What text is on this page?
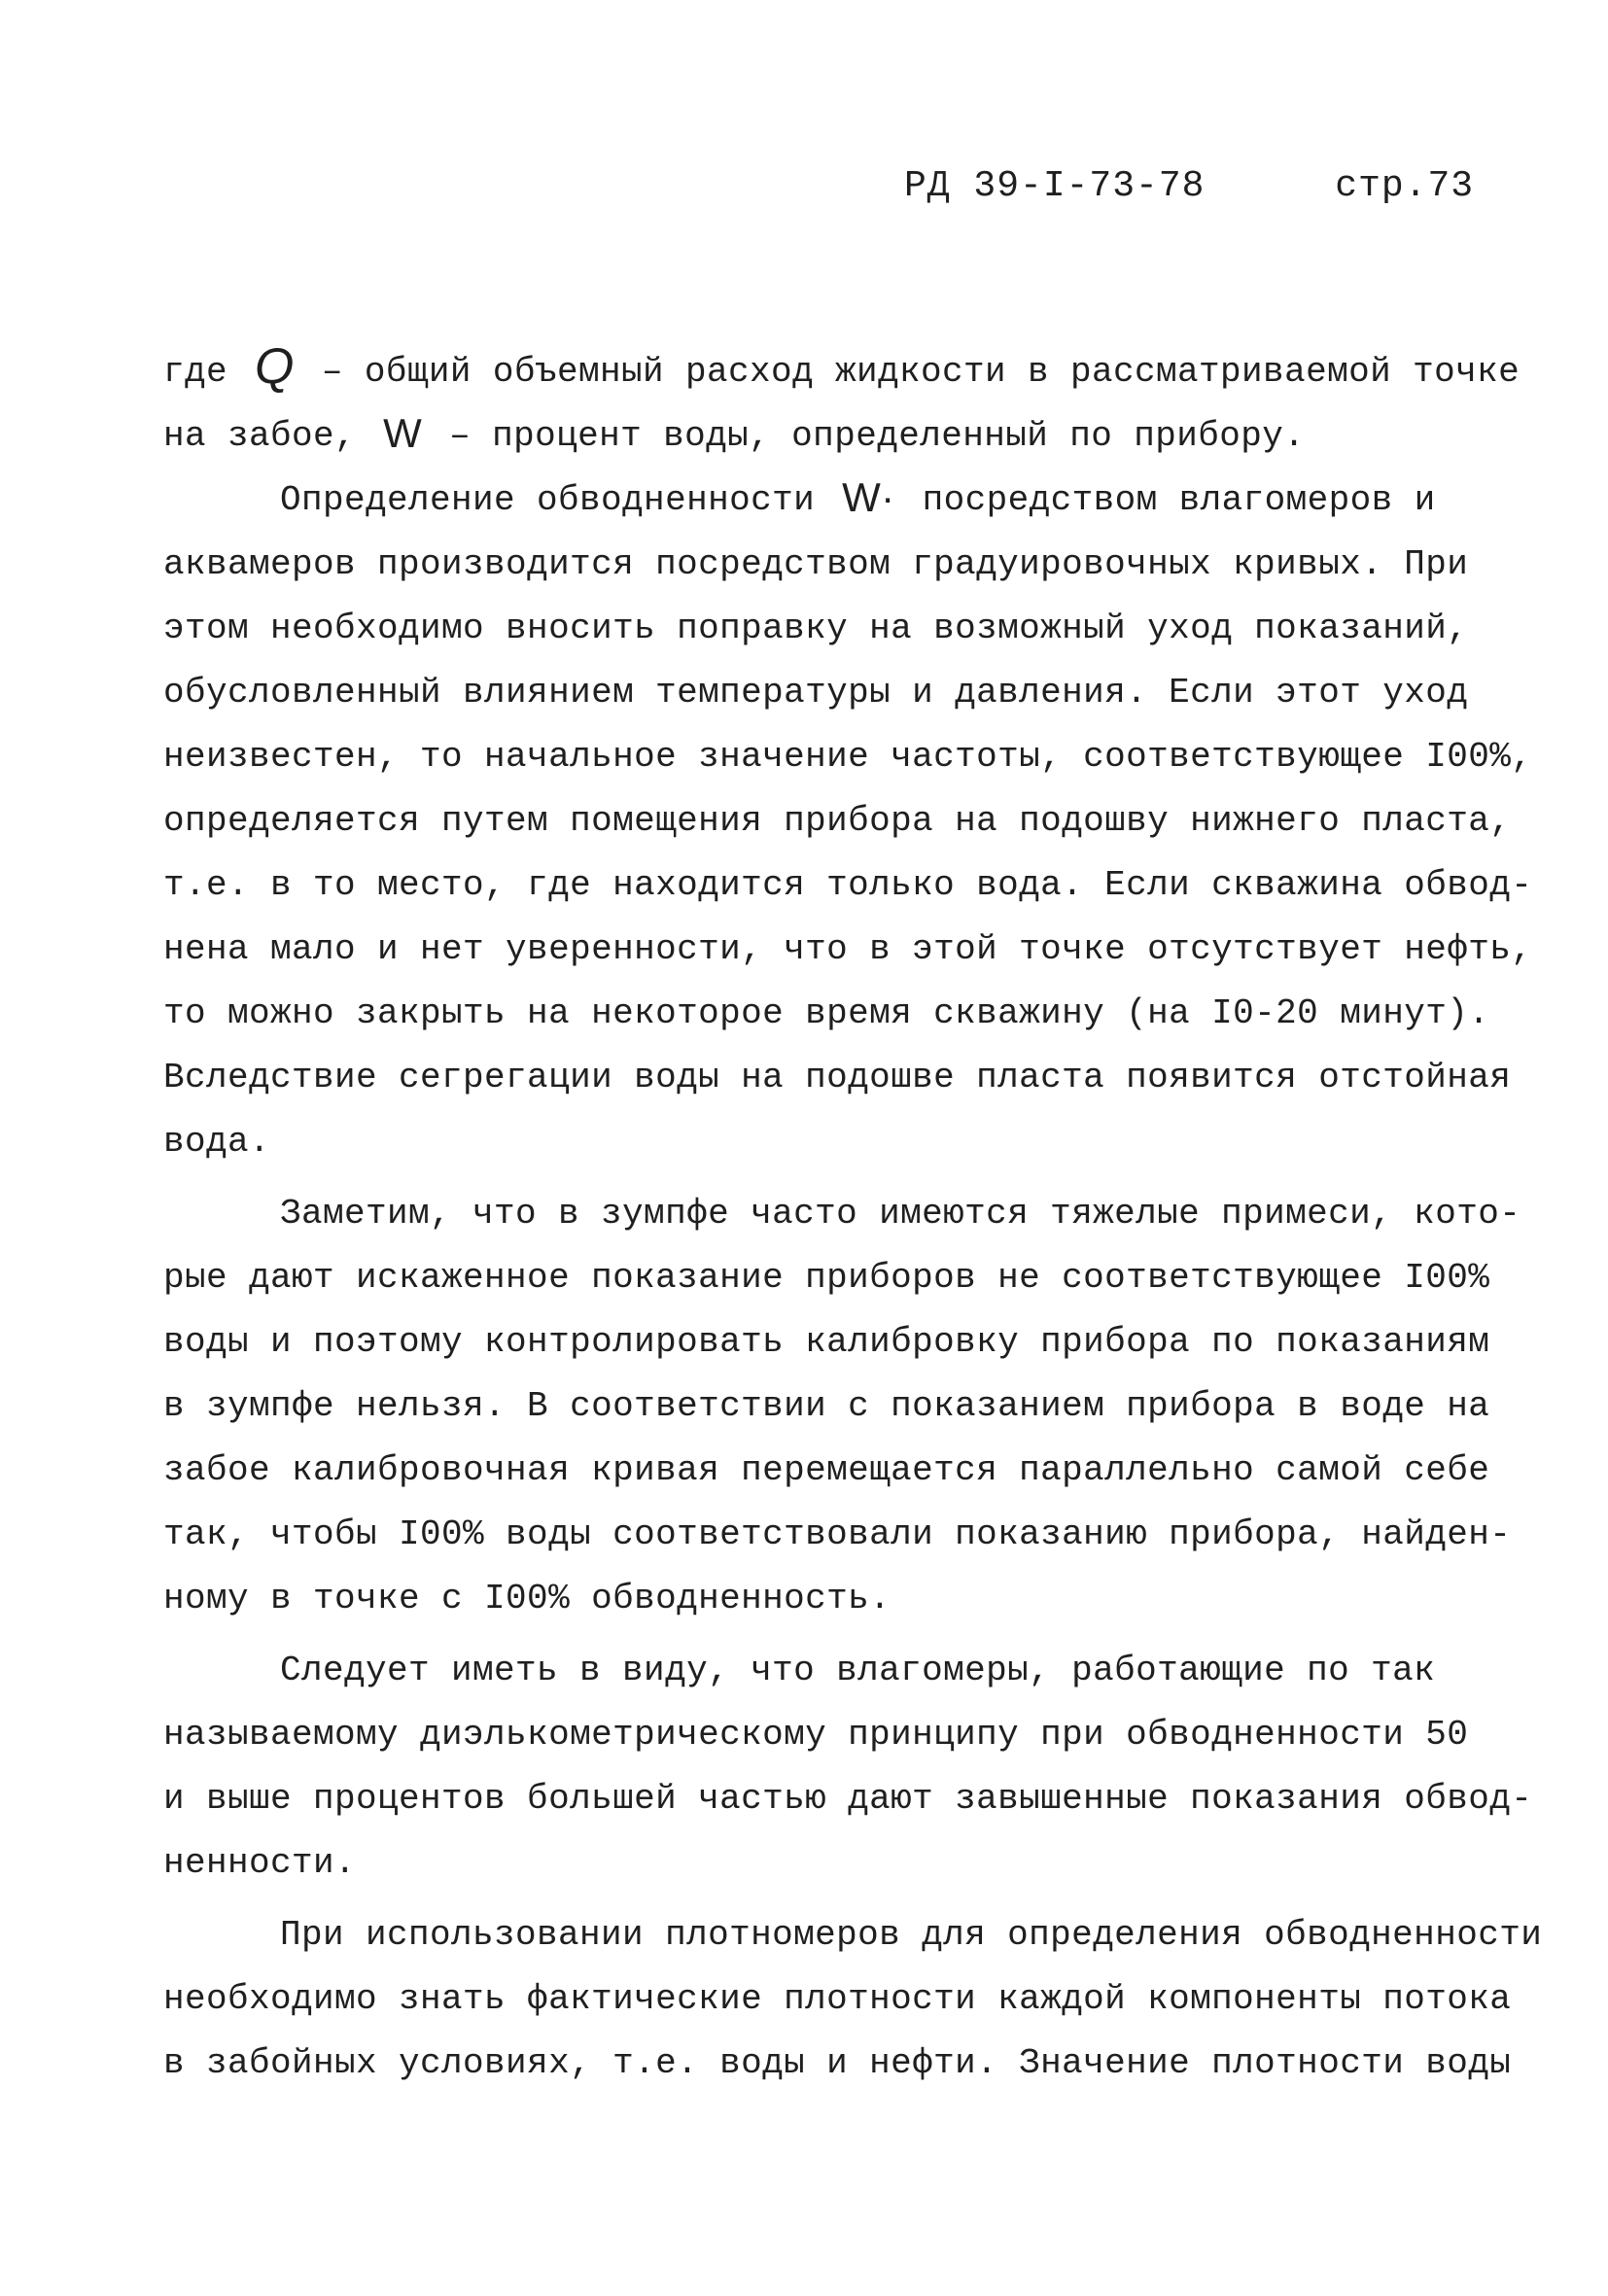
РД 39-I-73-78	стр.73
где Q – общий объемный расход жидкости в рассматриваемой точке
на забое, W – процент воды, определенный по прибору.
Определение обводненности W· посредством влагомеров и
аквамеров производится посредством градуировочных кривых. При
этом необходимо вносить поправку на возможный уход показаний,
обусловленный влиянием температуры и давления. Если этот уход
неизвестен, то начальное значение частоты, соответствующее I00%,
определяется путем помещения прибора на подошву нижнего пласта,
т.е. в то место, где находится только вода. Если скважина обвод-
нена мало и нет уверенности, что в этой точке отсутствует нефть,
то можно закрыть на некоторое время скважину (на I0-20 минут).
Вследствие сегрегации воды на подошве пласта появится отстойная
вода.
Заметим, что в зумпфе часто имеются тяжелые примеси, кото-
рые дают искаженное показание приборов не соответствующее I00%
воды и поэтому контролировать калибровку прибора по показаниям
в зумпфе нельзя. В соответствии с показанием прибора в воде на
забое калибровочная кривая перемещается параллельно самой себе
так, чтобы I00% воды соответствовали показанию прибора, найден-
ному в точке с I00% обводненность.
Следует иметь в виду, что влагомеры, работающие по так
называемому диэлькометрическому принципу при обводненности 50
и выше процентов большей частью дают завышенные показания обвод-
ненности.
При использовании плотномеров для определения обводненности
необходимо знать фактические плотности каждой компоненты потока
в забойных условиях, т.е. воды и нефти. Значение плотности воды
